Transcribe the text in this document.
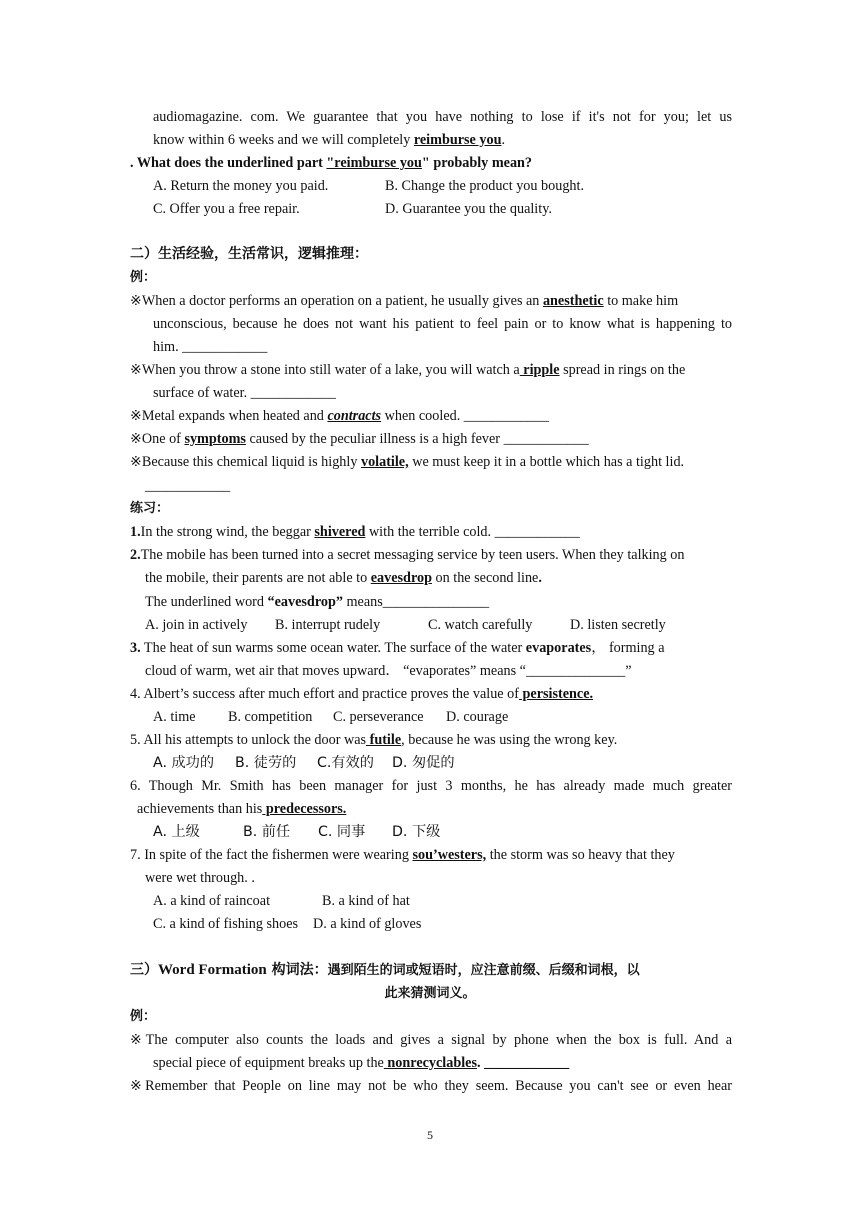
audiomagazine. com. We guarantee that you have nothing to lose if it's not for you; let us
know within 6 weeks and we will completely reimburse you.
. What does the underlined part "reimburse you" probably mean?
A. Return the money you paid.	B. Change the product you bought.
C. Offer you a free repair.	D. Guarantee you the quality.
二）生活经验，生活常识，逻辑推理：
例：
※When a doctor performs an operation on a patient, he usually gives an anesthetic to make him
unconscious, because he does not want his patient to feel pain or to know what is happening to
him. ____________
※When you throw a stone into still water of a lake, you will watch a ripple spread in rings on the
surface of water. ____________
※Metal expands when heated and contracts when cooled. ____________
※One of symptoms caused by the peculiar illness is a high fever ____________
※Because this chemical liquid is highly volatile, we must keep it in a bottle which has a tight lid.
____________
练习：
1.In the strong wind, the beggar shivered with the terrible cold. ____________
2.The mobile has been turned into a secret messaging service by teen users. When they talking on
the mobile, their parents are not able to eavesdrop on the second line.
The underlined word “eavesdrop” means_______________
A. join in actively B. interrupt rudely	C. watch carefully	D. listen secretly
3. The heat of sun warms some ocean water. The surface of the water evaporates， forming a
cloud of warm, wet air that moves upward． “evaporates” means “______________”
4. Albert’s success after much effort and practice proves the value of persistence.
A. time B. competition C. perseverance D. courage
5. All his attempts to unlock the door was futile, because he was using the wrong key.
A. 成功的 B. 徒劳的 C.有效的 D. 匆促的
6. Though Mr. Smith has been manager for just 3 months, he has already made much greater
achievements than his predecessors.
A. 上级	B. 前任 C. 同事 D. 下级
7. In spite of the fact the fishermen were wearing sou’westers, the storm was so heavy that they
were wet through. .
A. a kind of raincoat	B. a kind of hat
C. a kind of fishing shoes D. a kind of gloves
三）Word Formation 构词法：遇到陌生的词或短语时，应注意前缀、后缀和词根，以
此来猜测词义。
例：
※The computer also counts the loads and gives a signal by phone when the box is full. And a
special piece of equipment breaks up the nonrecyclables. ____________
※Remember that People on line may not be who they seem. Because you can't see or even hear
5
